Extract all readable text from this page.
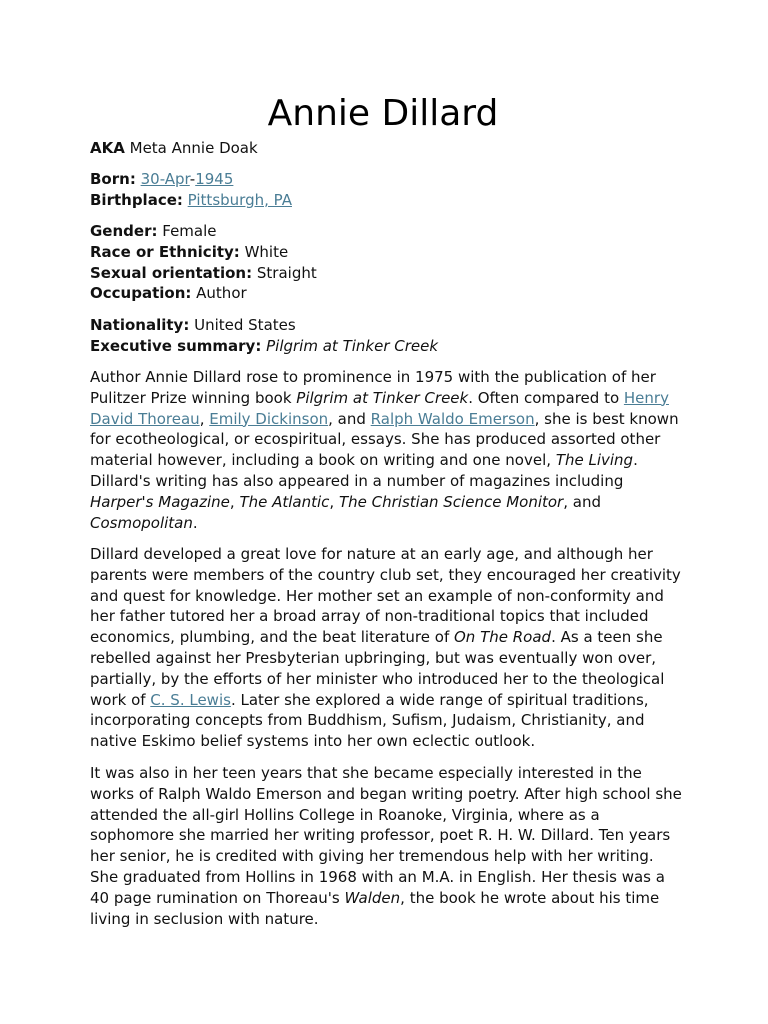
Annie Dillard
AKA Meta Annie Doak
Born: 30-Apr-1945
Birthplace: Pittsburgh, PA
Gender: Female
Race or Ethnicity: White
Sexual orientation: Straight
Occupation: Author
Nationality: United States
Executive summary: Pilgrim at Tinker Creek

Author Annie Dillard rose to prominence in 1975 with the publication of her Pulitzer Prize winning book Pilgrim at Tinker Creek. Often compared to Henry David Thoreau, Emily Dickinson, and Ralph Waldo Emerson, she is best known for ecotheological, or ecospiritual, essays. She has produced assorted other material however, including a book on writing and one novel, The Living. Dillard's writing has also appeared in a number of magazines including Harper's Magazine, The Atlantic, The Christian Science Monitor, and Cosmopolitan.

Dillard developed a great love for nature at an early age, and although her parents were members of the country club set, they encouraged her creativity and quest for knowledge. Her mother set an example of non-conformity and her father tutored her a broad array of non-traditional topics that included economics, plumbing, and the beat literature of On The Road. As a teen she rebelled against her Presbyterian upbringing, but was eventually won over, partially, by the efforts of her minister who introduced her to the theological work of C. S. Lewis. Later she explored a wide range of spiritual traditions, incorporating concepts from Buddhism, Sufism, Judaism, Christianity, and native Eskimo belief systems into her own eclectic outlook.

It was also in her teen years that she became especially interested in the works of Ralph Waldo Emerson and began writing poetry. After high school she attended the all-girl Hollins College in Roanoke, Virginia, where as a sophomore she married her writing professor, poet R. H. W. Dillard. Ten years her senior, he is credited with giving her tremendous help with her writing. She graduated from Hollins in 1968 with an M.A. in English. Her thesis was a 40 page rumination on Thoreau's Walden, the book he wrote about his time living in seclusion with nature.
